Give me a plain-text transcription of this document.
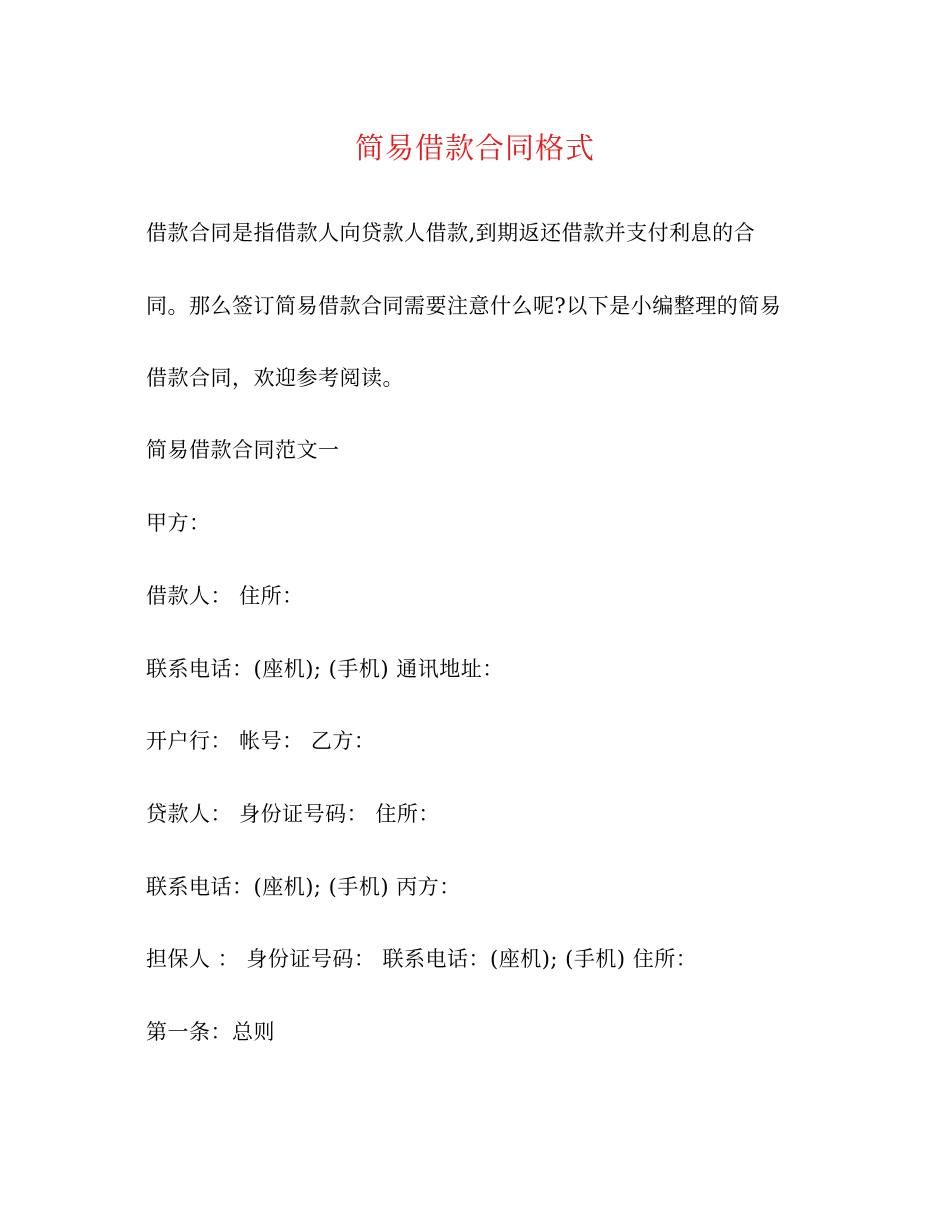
简易借款合同格式
借款合同是指借款人向贷款人借款,到期返还借款并支付利息的合
同。那么签订简易借款合同需要注意什么呢?以下是小编整理的简易
借款合同，欢迎参考阅读。
简易借款合同范文一
甲方：
借款人： 住所：
联系电话：(座机); (手机) 通讯地址：
开户行： 帐号： 乙方：
贷款人： 身份证号码： 住所：
联系电话：(座机); (手机) 丙方：
担保人 ： 身份证号码： 联系电话：(座机); (手机) 住所：
第一条：总则
